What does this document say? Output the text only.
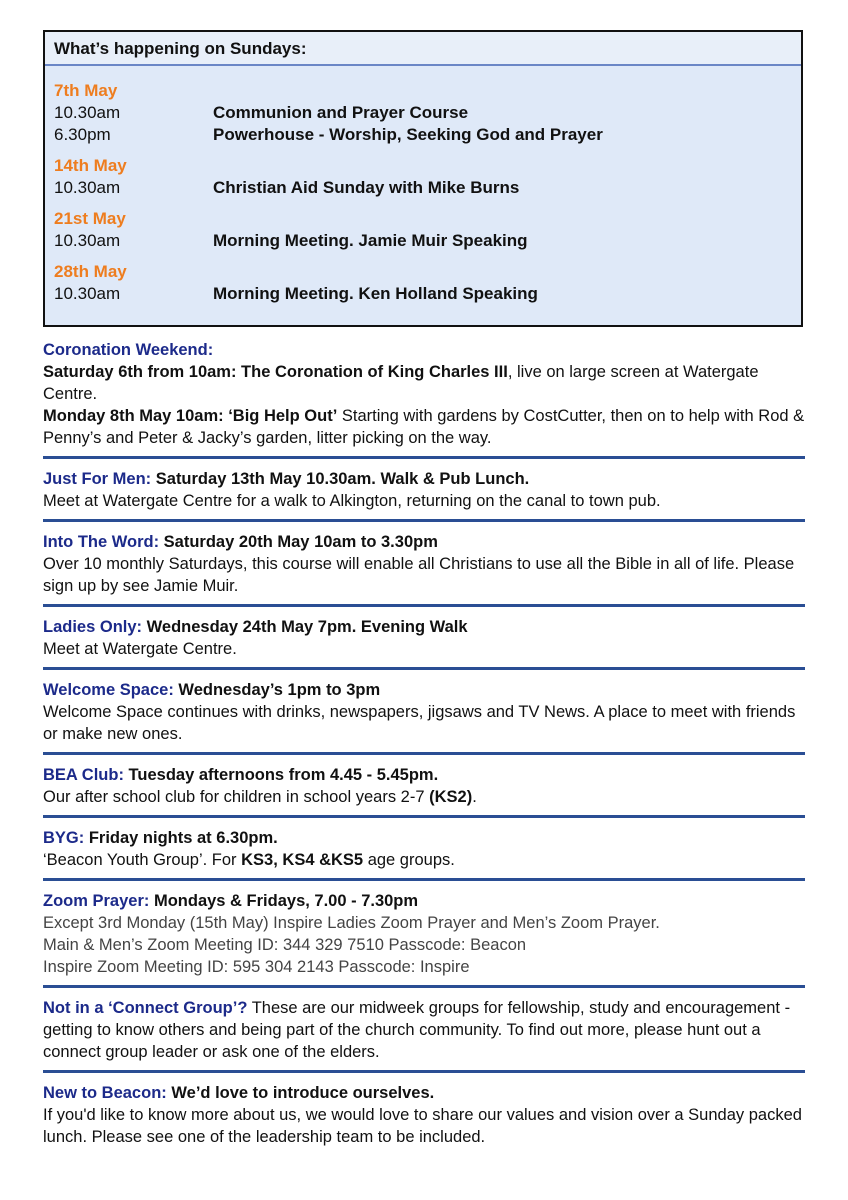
What’s happening on Sundays:
7th May
10.30am	Communion and Prayer Course
6.30pm	Powerhouse - Worship, Seeking God and Prayer
14th May
10.30am	Christian Aid Sunday with Mike Burns
21st May
10.30am	Morning Meeting. Jamie Muir Speaking
28th May
10.30am	Morning Meeting. Ken Holland Speaking

Coronation Weekend:

Saturday 6th from 10am: The Coronation of King Charles III, live on large screen at Watergate Centre.

Monday 8th May 10am: ‘Big Help Out’ Starting with gardens by CostCutter, then on to help with Rod & Penny’s and Peter & Jacky’s garden, litter picking on the way.

Just For Men: Saturday 13th May 10.30am. Walk & Pub Lunch.

Meet at Watergate Centre for a walk to Alkington, returning on the canal to town pub.

Into The Word: Saturday 20th May 10am to 3.30pm

Over 10 monthly Saturdays, this course will enable all Christians to use all the Bible in all of life. Please sign up by see Jamie Muir.

Ladies Only: Wednesday 24th May 7pm. Evening Walk

Meet at Watergate Centre.

Welcome Space: Wednesday’s 1pm to 3pm

Welcome Space continues with drinks, newspapers, jigsaws and TV News. A place to meet with friends or make new ones.

BEA Club: Tuesday afternoons from 4.45 - 5.45pm.

Our after school club for children in school years 2-7 (KS2).

BYG: Friday nights at 6.30pm.

‘Beacon Youth Group’. For KS3, KS4 &KS5 age groups.

Zoom Prayer: Mondays & Fridays, 7.00 - 7.30pm

Except 3rd Monday (15th May) Inspire Ladies Zoom Prayer and Men’s Zoom Prayer.

Main & Men’s Zoom Meeting ID: 344 329 7510 Passcode: Beacon

Inspire Zoom Meeting ID: 595 304 2143 Passcode: Inspire

Not in a ‘Connect Group’? These are our midweek groups for fellowship, study and encouragement - getting to know others and being part of the church community. To find out more, please hunt out a connect group leader or ask one of the elders.

New to Beacon: We’d love to introduce ourselves.

If you'd like to know more about us, we would love to share our values and vision over a Sunday packed lunch. Please see one of the leadership team to be included.
